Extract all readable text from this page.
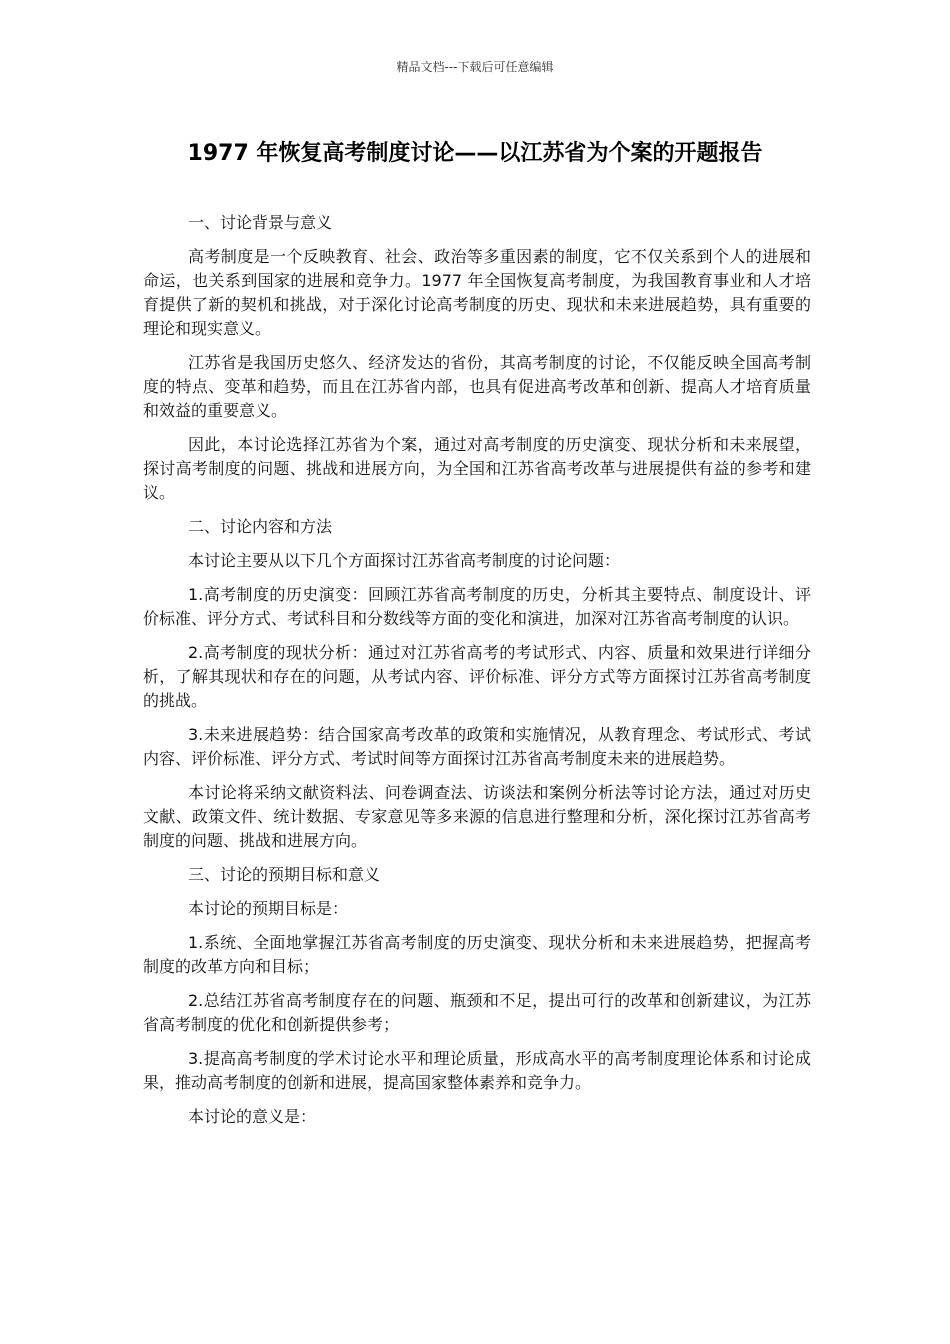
精品文档---下载后可任意编辑
1977 年恢复高考制度讨论——以江苏省为个案的开题报告

一、讨论背景与意义

高考制度是一个反映教育、社会、政治等多重因素的制度，它不仅关系到个人的进展和命运，也关系到国家的进展和竞争力。1977 年全国恢复高考制度，为我国教育事业和人才培育提供了新的契机和挑战，对于深化讨论高考制度的历史、现状和未来进展趋势，具有重要的理论和现实意义。

江苏省是我国历史悠久、经济发达的省份，其高考制度的讨论，不仅能反映全国高考制度的特点、变革和趋势，而且在江苏省内部，也具有促进高考改革和创新、提高人才培育质量和效益的重要意义。

因此，本讨论选择江苏省为个案，通过对高考制度的历史演变、现状分析和未来展望，探讨高考制度的问题、挑战和进展方向，为全国和江苏省高考改革与进展提供有益的参考和建议。

二、讨论内容和方法

本讨论主要从以下几个方面探讨江苏省高考制度的讨论问题：

1.高考制度的历史演变：回顾江苏省高考制度的历史，分析其主要特点、制度设计、评价标准、评分方式、考试科目和分数线等方面的变化和演进，加深对江苏省高考制度的认识。

2.高考制度的现状分析：通过对江苏省高考的考试形式、内容、质量和效果进行详细分析，了解其现状和存在的问题，从考试内容、评价标准、评分方式等方面探讨江苏省高考制度的挑战。

3.未来进展趋势：结合国家高考改革的政策和实施情况，从教育理念、考试形式、考试内容、评价标准、评分方式、考试时间等方面探讨江苏省高考制度未来的进展趋势。

本讨论将采纳文献资料法、问卷调查法、访谈法和案例分析法等讨论方法，通过对历史文献、政策文件、统计数据、专家意见等多来源的信息进行整理和分析，深化探讨江苏省高考制度的问题、挑战和进展方向。

三、讨论的预期目标和意义

本讨论的预期目标是：

1.系统、全面地掌握江苏省高考制度的历史演变、现状分析和未来进展趋势，把握高考制度的改革方向和目标；

2.总结江苏省高考制度存在的问题、瓶颈和不足，提出可行的改革和创新建议，为江苏省高考制度的优化和创新提供参考；

3.提高高考制度的学术讨论水平和理论质量，形成高水平的高考制度理论体系和讨论成果，推动高考制度的创新和进展，提高国家整体素养和竞争力。

本讨论的意义是：
